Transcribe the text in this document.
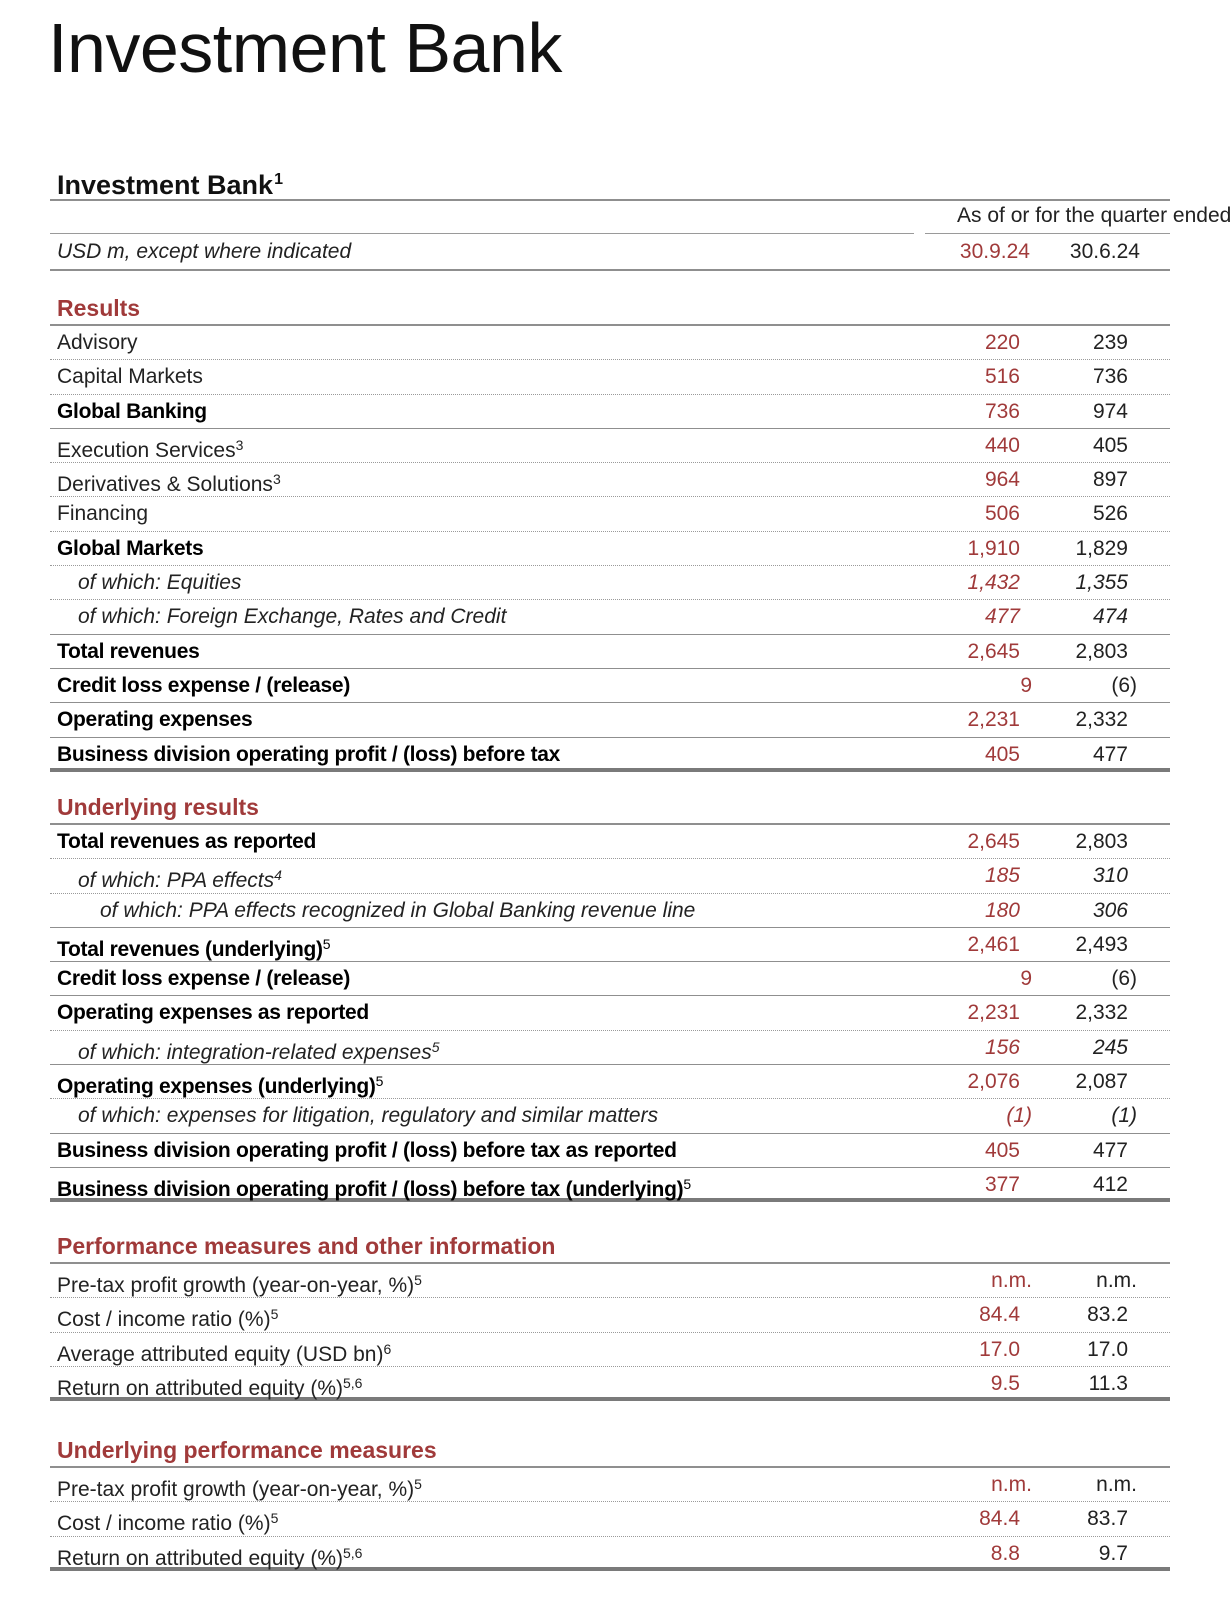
Investment Bank
Investment Bank$^1$
As of or for the quarter ended
USD m, except where indicated	30.9.24 30.6.24
Results
Advisory	220	239
Capital Markets	516	736
Global Banking	736	974
Execution Services$^3$	440	405
Derivatives & Solutions$^3$	964	897
Financing	506	526
Global Markets	1,910	1,829
of which: Equities	1,432	1,355
of which: Foreign Exchange, Rates and Credit	477	474
Total revenues	2,645	2,803
Credit loss expense / (release)	9	(6)
Operating expenses	2,231	2,332
Business division operating profit / (loss) before tax	405	477
Underlying results
Total revenues as reported	2,645	2,803
of which: PPA effects$^4$	185	310
of which: PPA effects recognized in Global Banking revenue line	180	306
Total revenues (underlying)$^5$	2,461	2,493
Credit loss expense / (release)	9	(6)
Operating expenses as reported	2,231	2,332
of which: integration-related expenses$^5$	156	245
Operating expenses (underlying)$^5$	2,076	2,087
of which: expenses for litigation, regulatory and similar matters	(1)	(1)
Business division operating profit / (loss) before tax as reported	405	477
Business division operating profit / (loss) before tax (underlying)$^5$	377	412
Performance measures and other information
Pre-tax profit growth (year-on-year, %)$^5$	n.m.	n.m.
Cost / income ratio (%)$^5$	84.4	83.2
Average attributed equity (USD bn)$^6$	17.0	17.0
Return on attributed equity (%)$^{5,6}$	9.5	11.3
Underlying performance measures
Pre-tax profit growth (year-on-year, %)$^5$	n.m.	n.m.
Cost / income ratio (%)$^5$	84.4	83.7
Return on attributed equity (%)$^{5,6}$	8.8	9.7
